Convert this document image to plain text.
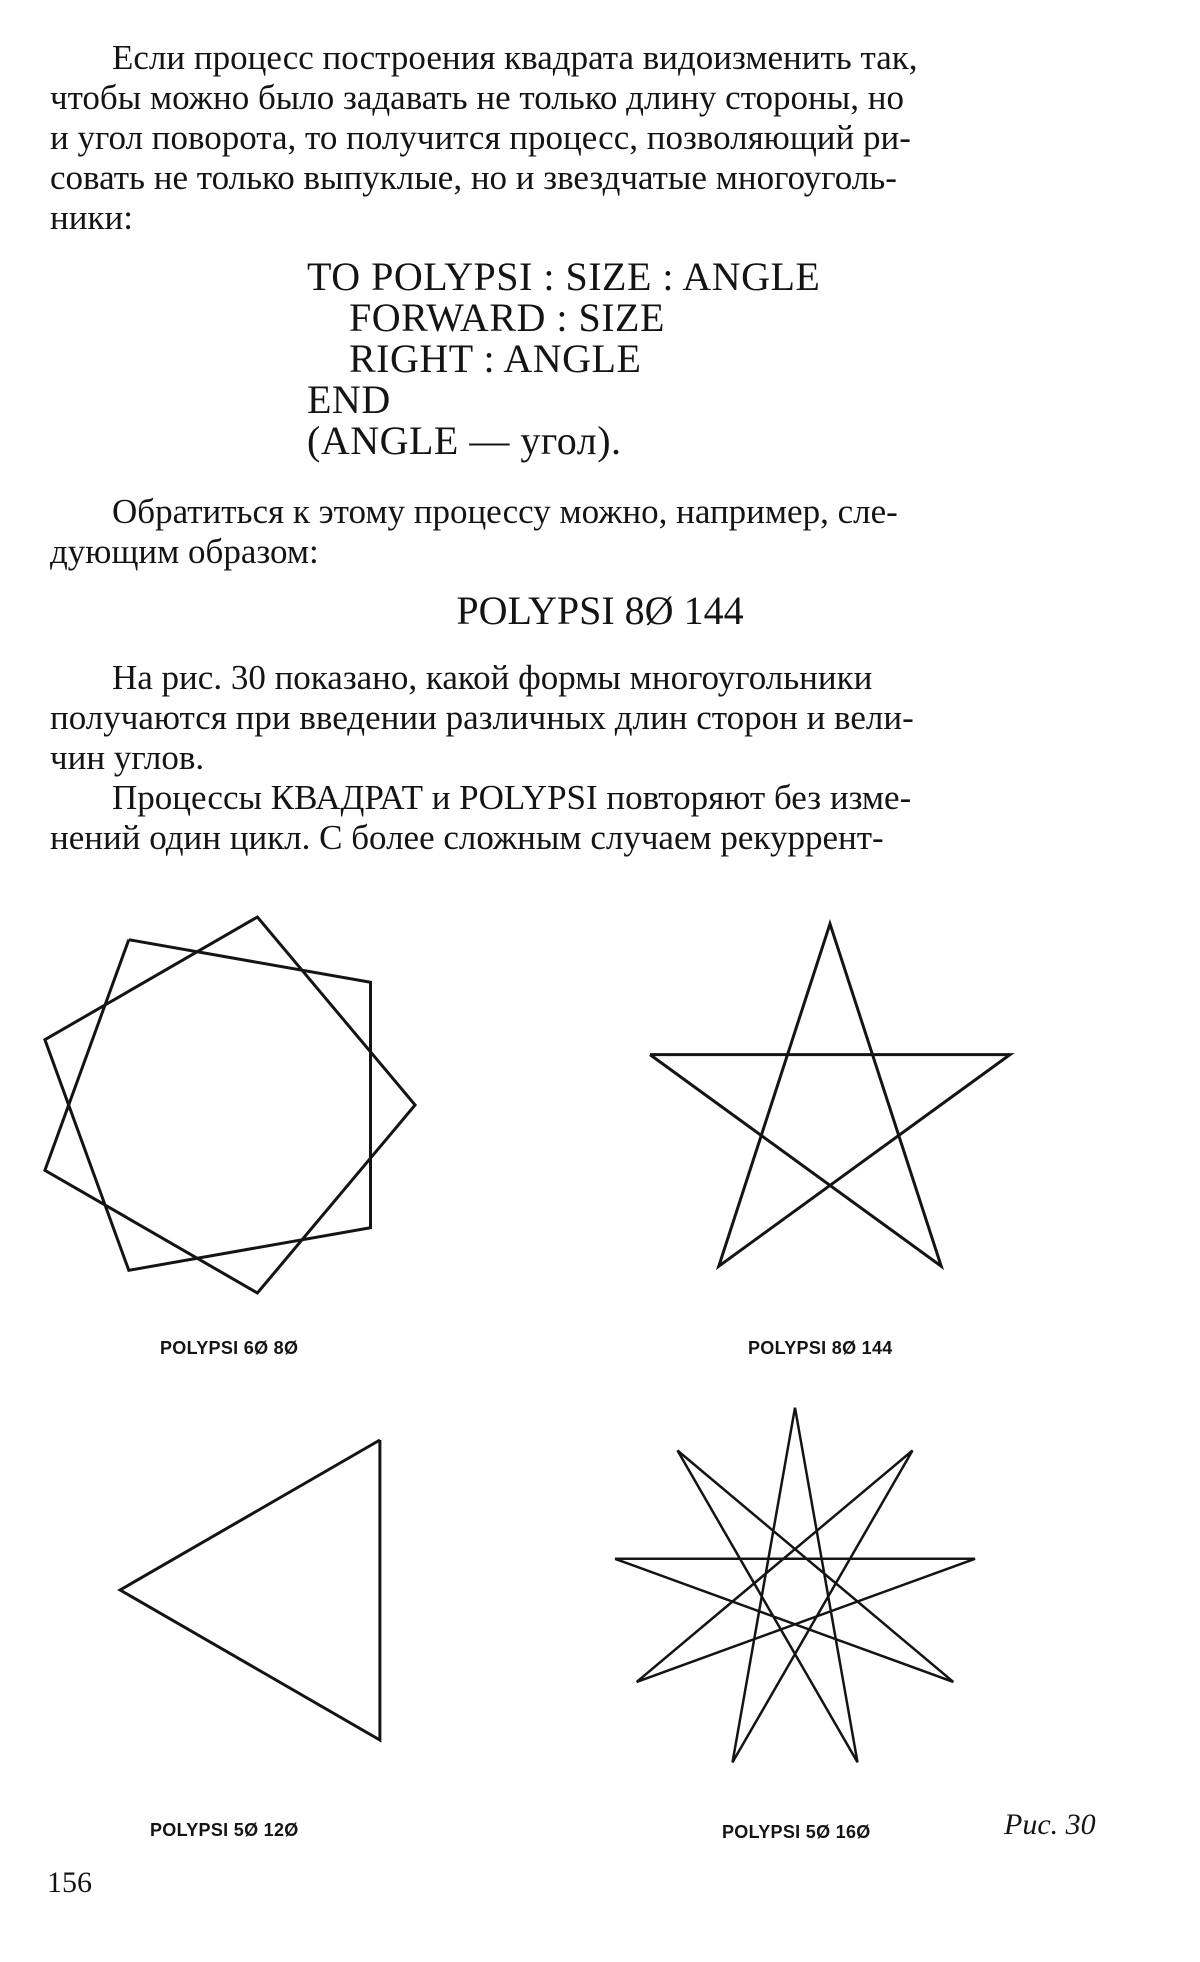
Если процесс построения квадрата видоизменить так,
чтобы можно было задавать не только длину стороны, но
и угол поворота, то получится процесс, позволяющий ри-
совать не только выпуклые, но и звездчатые многоуголь-
ники:
TO POLYPSI : SIZE : ANGLE
FORWARD : SIZE
RIGHT : ANGLE
END
(ANGLE — угол).
Обратиться к этому процессу можно, например, сле-
дующим образом:
POLYPSI 8Ø 144
На рис. 30 показано, какой формы многоугольники
получаются при введении различных длин сторон и вели-
чин углов.
Процессы КВАДРАТ и POLYPSI повторяют без изме-
нений один цикл. С более сложным случаем рекуррент-
POLYPSI 6Ø 8Ø	POLYPSI 8Ø 144
POLYPSI 5Ø 12Ø	POLYPSI 5Ø 16Ø	Рис. 30
156
